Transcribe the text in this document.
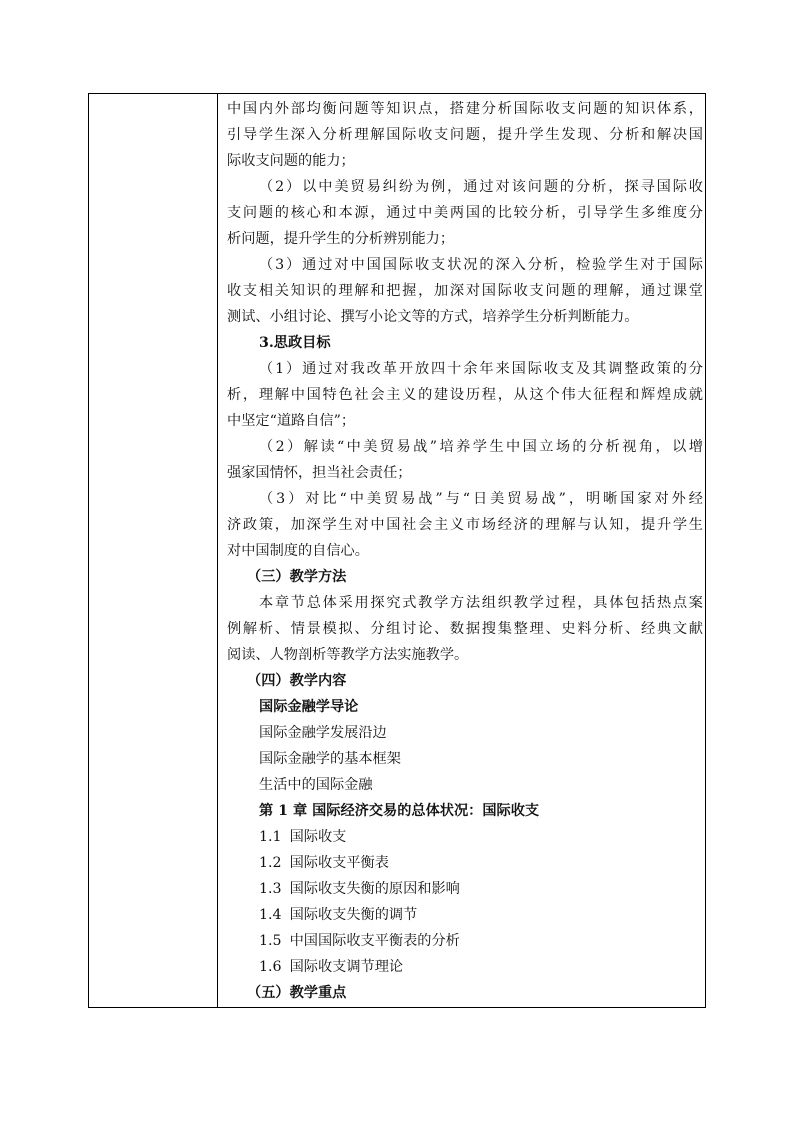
中国内外部均衡问题等知识点，搭建分析国际收支问题的知识体系，
引导学生深入分析理解国际收支问题，提升学生发现、分析和解决国
际收支问题的能力；
（2）以中美贸易纠纷为例，通过对该问题的分析，探寻国际收
支问题的核心和本源，通过中美两国的比较分析，引导学生多维度分
析问题，提升学生的分析辨别能力；
（3）通过对中国国际收支状况的深入分析，检验学生对于国际
收支相关知识的理解和把握，加深对国际收支问题的理解，通过课堂
测试、小组讨论、撰写小论文等的方式，培养学生分析判断能力。
3.思政目标
（1）通过对我改革开放四十余年来国际收支及其调整政策的分
析，理解中国特色社会主义的建设历程，从这个伟大征程和辉煌成就
中坚定“道路自信”；
（2）解读“中美贸易战”培养学生中国立场的分析视角，以增
强家国情怀，担当社会责任；
（3）对比“中美贸易战”与“日美贸易战”，明晰国家对外经
济政策，加深学生对中国社会主义市场经济的理解与认知，提升学生
对中国制度的自信心。
（三）教学方法
本章节总体采用探究式教学方法组织教学过程，具体包括热点案
例解析、情景模拟、分组讨论、数据搜集整理、史料分析、经典文献
阅读、人物剖析等教学方法实施教学。
（四）教学内容
国际金融学导论
国际金融学发展沿边
国际金融学的基本框架
生活中的国际金融
第 1 章 国际经济交易的总体状况：国际收支
1.1 国际收支
1.2 国际收支平衡表
1.3 国际收支失衡的原因和影响
1.4 国际收支失衡的调节
1.5 中国国际收支平衡表的分析
1.6 国际收支调节理论
（五）教学重点
